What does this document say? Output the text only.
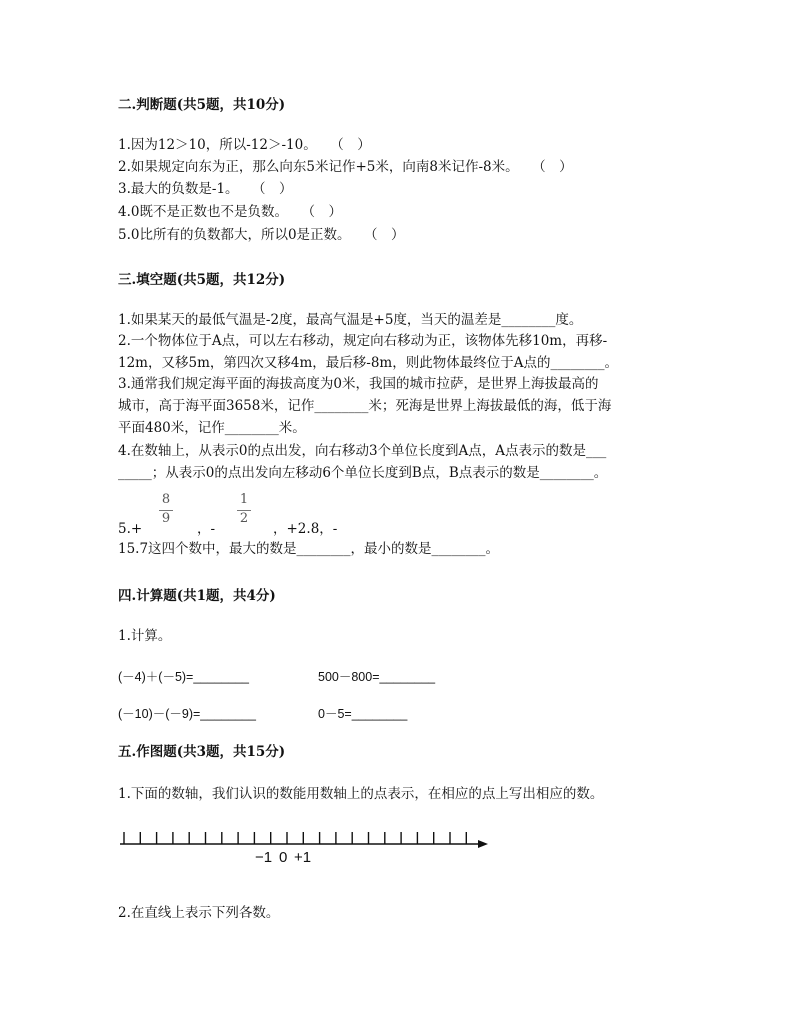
二.判断题(共5题，共10分)
1.因为12＞10，所以-12＞-10。　　（　）
2.如果规定向东为正，那么向东5米记作+5米，向南8米记作-8米。　　（　）
3.最大的负数是-1。　　（　）
4.0既不是正数也不是负数。　　（　）
5.0比所有的负数都大，所以0是正数。　　（　）
三.填空题(共5题，共12分)
1.如果某天的最低气温是-2度，最高气温是+5度，当天的温差是________度。
2.一个物体位于A点，可以左右移动，规定向右移动为正，该物体先移10m，再移-
12m，又移5m，第四次又移4m，最后移-8m，则此物体最终位于A点的________。
3.通常我们规定海平面的海拔高度为0米，我国的城市拉萨，是世界上海拔最高的
城市，高于海平面3658米，记作________米；死海是世界上海拔最低的海，低于海
平面480米，记作________米。
4.在数轴上，从表示0的点出发，向右移动3个单位长度到A点，A点表示的数是___
_____；从表示0的点出发向左移动6个单位长度到B点，B点表示的数是________。
5.+
8
9
，-
1
2
，+2.8，-
15.7这四个数中，最大的数是________，最小的数是________。
四.计算题(共1题，共4分)
1.计算。
(－4)＋(－5)=________	500－800=________
(－10)－(－9)=________	0－5=________
五.作图题(共3题，共15分)
1.下面的数轴，我们认识的数能用数轴上的点表示，在相应的点上写出相应的数。
−1 0 +1
2.在直线上表示下列各数。
